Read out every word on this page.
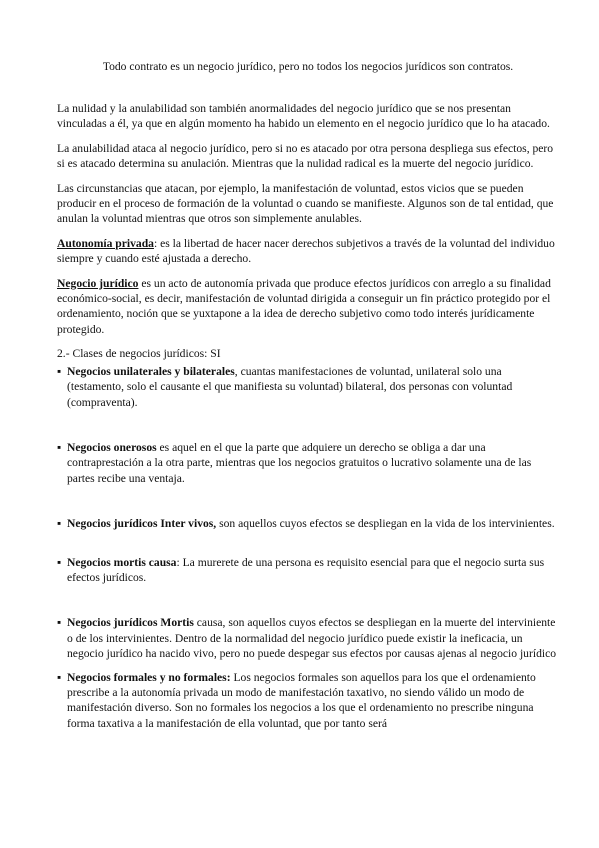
Todo contrato es un negocio jurídico, pero no todos los negocios jurídicos son contratos.

La nulidad y la anulabilidad son también anormalidades del negocio jurídico que se nos presentan vinculadas a él, ya que en algún momento ha habido un elemento en el negocio jurídico que lo ha atacado.

La anulabilidad ataca al negocio jurídico, pero si no es atacado por otra persona despliega sus efectos, pero si es atacado determina su anulación. Mientras que la nulidad radical es la muerte del negocio jurídico.

Las circunstancias que atacan, por ejemplo, la manifestación de voluntad, estos vicios que se pueden producir en el proceso de formación de la voluntad o cuando se manifieste. Algunos son de tal entidad, que anulan la voluntad mientras que otros son simplemente anulables.

Autonomía privada: es la libertad de hacer nacer derechos subjetivos a través de la voluntad del individuo siempre y cuando esté ajustada a derecho.

Negocio jurídico es un acto de autonomía privada que produce efectos jurídicos con arreglo a su finalidad económico-social, es decir, manifestación de voluntad dirigida a conseguir un fin práctico protegido por el ordenamiento, noción que se yuxtapone a la idea de derecho subjetivo como todo interés jurídicamente protegido.

2.- Clases de negocios jurídicos: SI
▪ Negocios unilaterales y bilaterales, cuantas manifestaciones de voluntad, unilateral solo una (testamento, solo el causante el que manifiesta su voluntad) bilateral, dos personas con voluntad (compraventa).
▪ Negocios onerosos es aquel en el que la parte que adquiere un derecho se obliga a dar una contraprestación a la otra parte, mientras que los negocios gratuitos o lucrativo solamente una de las partes recibe una ventaja.
▪ Negocios jurídicos Inter vivos, son aquellos cuyos efectos se despliegan en la vida de los intervinientes.
▪ Negocios mortis causa: La murerete de una persona es requisito esencial para que el negocio surta sus efectos jurídicos.
▪ Negocios jurídicos Mortis causa, son aquellos cuyos efectos se despliegan en la muerte del interviniente o de los intervinientes. Dentro de la normalidad del negocio jurídico puede existir la ineficacia, un negocio jurídico ha nacido vivo, pero no puede despegar sus efectos por causas ajenas al negocio jurídico
▪ Negocios formales y no formales: Los negocios formales son aquellos para los que el ordenamiento prescribe a la autonomía privada un modo de manifestación taxativo, no siendo válido un modo de manifestación diverso. Son no formales los negocios a los que el ordenamiento no prescribe ninguna forma taxativa a la manifestación de ella voluntad, que por tanto será
